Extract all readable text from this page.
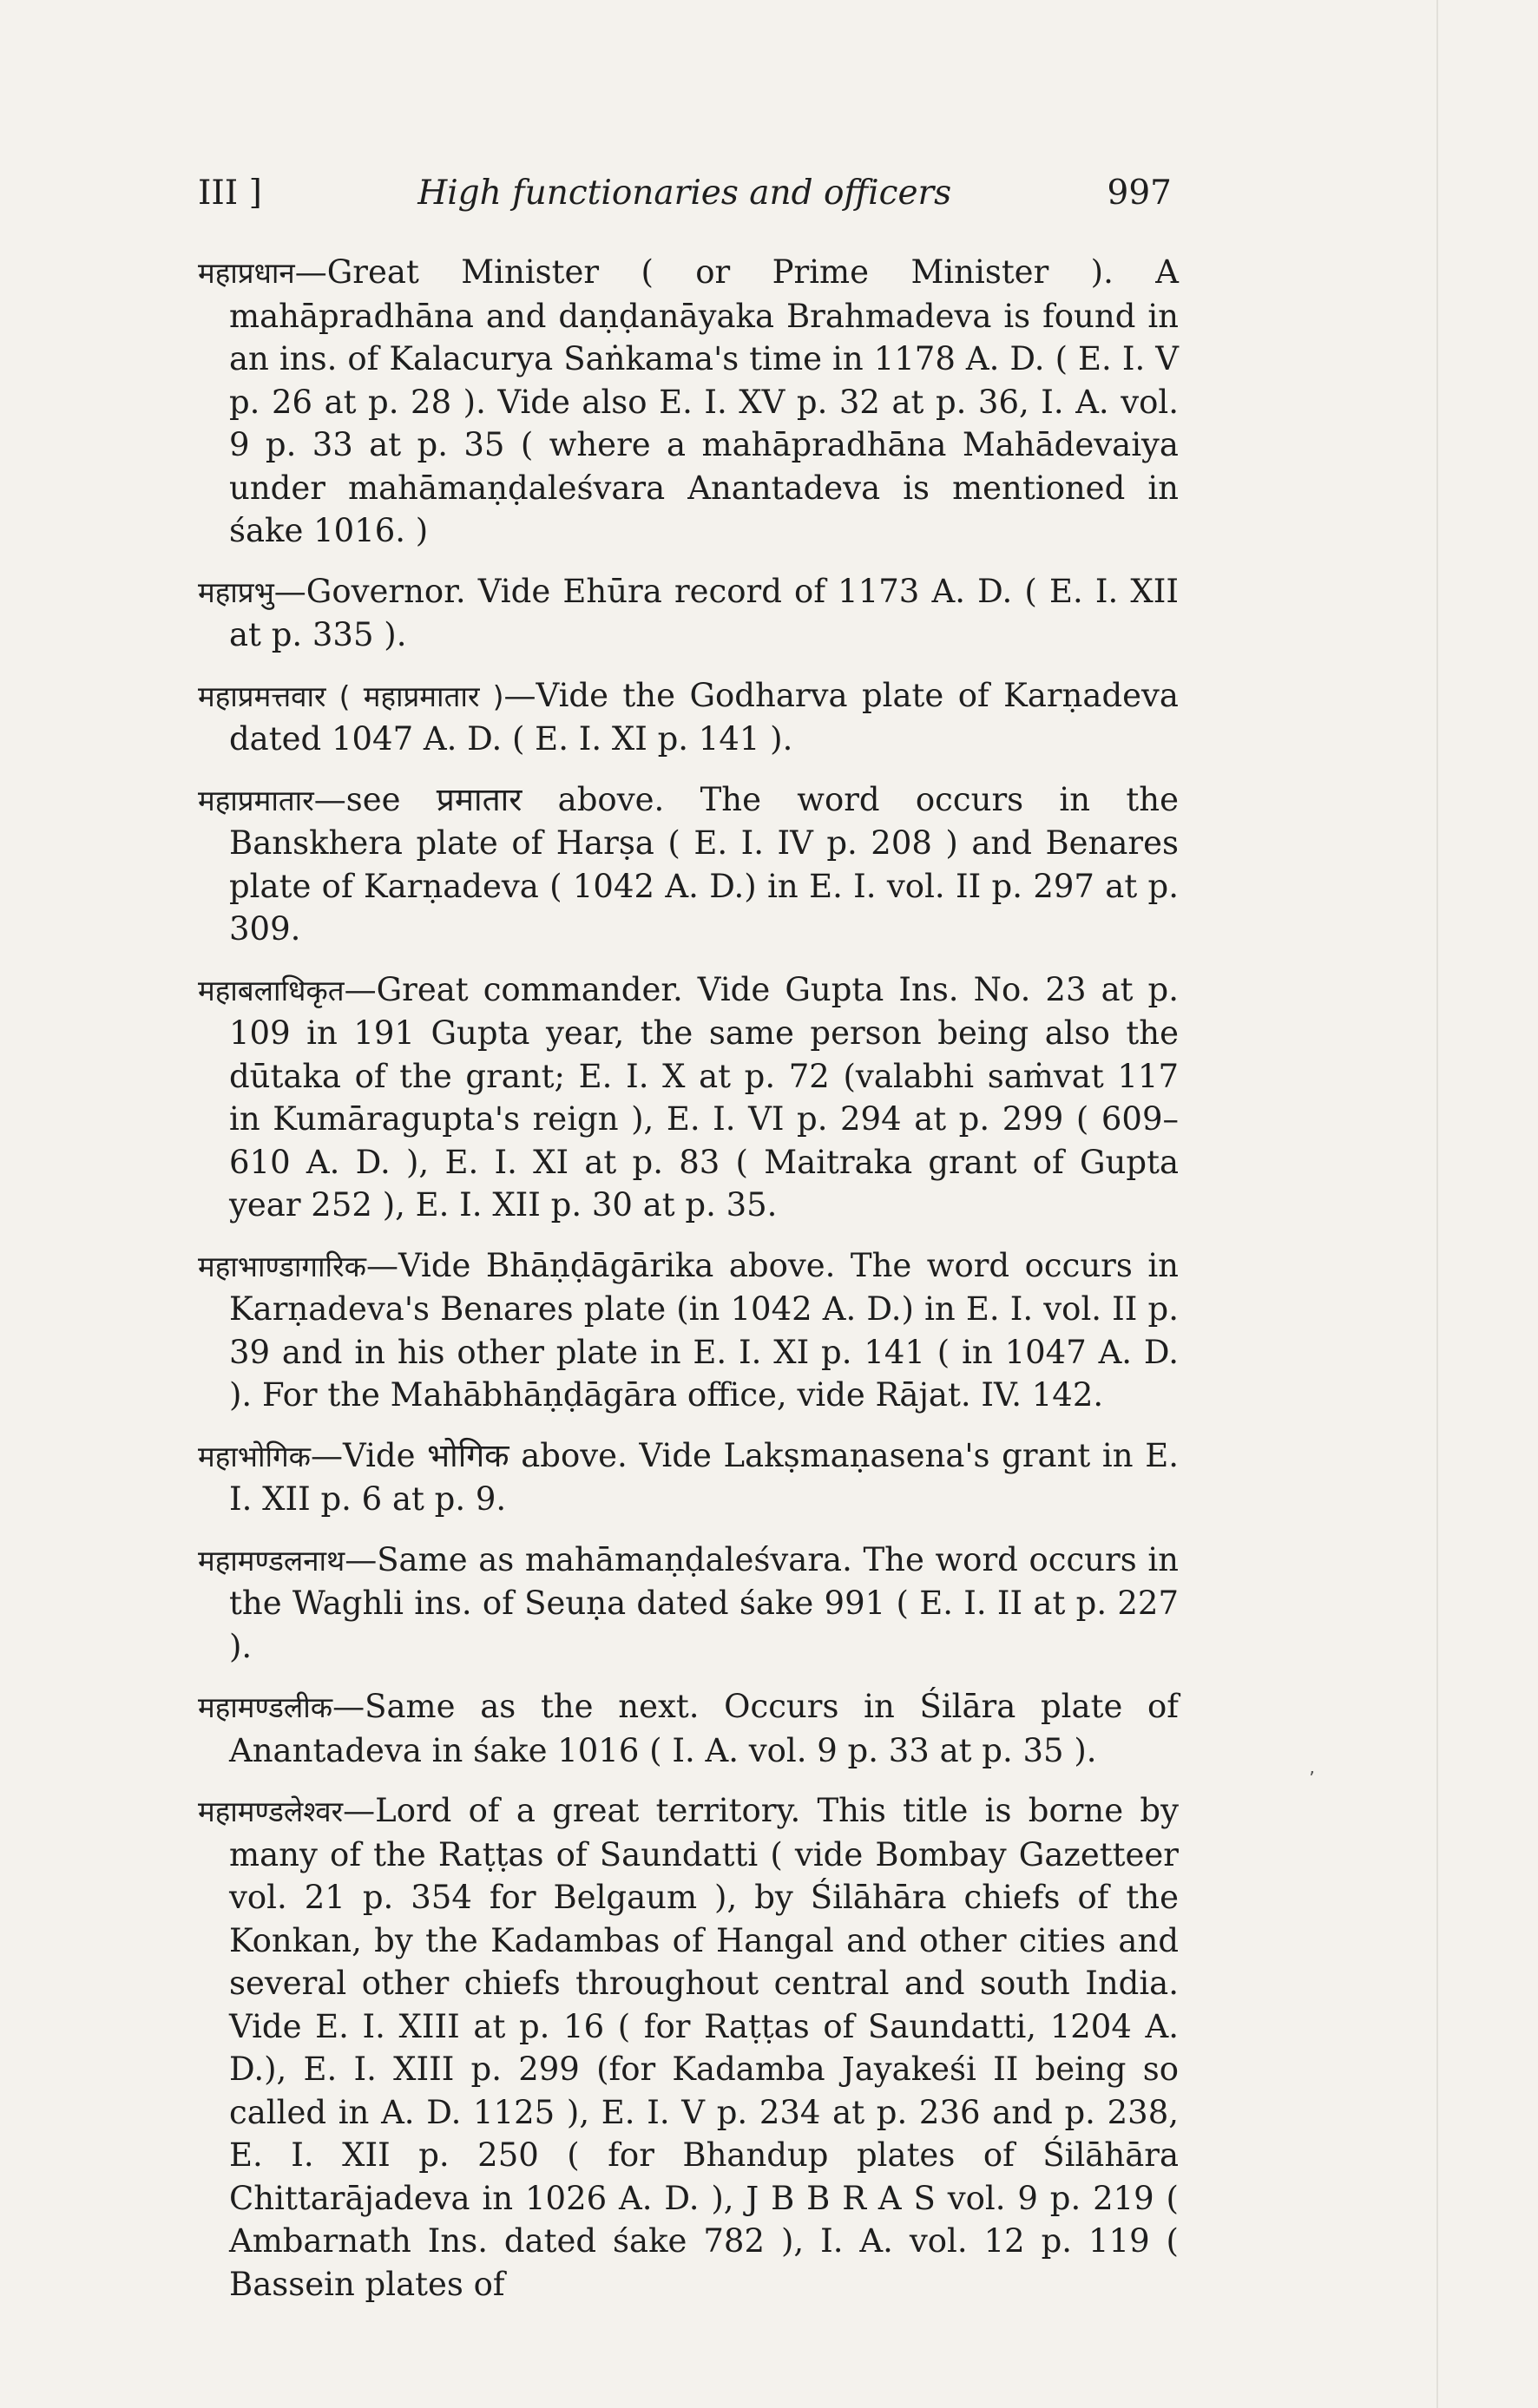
III ]	High functionaries and officers	997

महाप्रधान—Great Minister ( or Prime Minister ). A mahāpradhāna and daṇḍanāyaka Brahmadeva is found in an ins. of Kalacurya Saṅkama's time in 1178 A. D. ( E. I. V p. 26 at p. 28 ). Vide also E. I. XV p. 32 at p. 36, I. A. vol. 9 p. 33 at p. 35 ( where a mahāpradhāna Mahādevaiya under mahāmaṇḍaleśvara Anantadeva is mentioned in śake 1016. )

महाप्रभु—Governor. Vide Ehūra record of 1173 A. D. ( E. I. XII at p. 335 ).

महाप्रमत्तवार ( महाप्रमातार )—Vide the Godharva plate of Karṇadeva dated 1047 A. D. ( E. I. XI p. 141 ).

महाप्रमातार—see प्रमातार above. The word occurs in the Banskhera plate of Harṣa ( E. I. IV p. 208 ) and Benares plate of Karṇadeva ( 1042 A. D.) in E. I. vol. II p. 297 at p. 309.

महाबलाधिकृत—Great commander. Vide Gupta Ins. No. 23 at p. 109 in 191 Gupta year, the same person being also the dūtaka of the grant; E. I. X at p. 72 (valabhi saṁvat 117 in Kumāragupta's reign ), E. I. VI p. 294 at p. 299 ( 609–610 A. D. ), E. I. XI at p. 83 ( Maitraka grant of Gupta year 252 ), E. I. XII p. 30 at p. 35.

महाभाण्डागारिक—Vide Bhāṇḍāgārika above. The word occurs in Karṇadeva's Benares plate (in 1042 A. D.) in E. I. vol. II p. 39 and in his other plate in E. I. XI p. 141 ( in 1047 A. D. ). For the Mahābhāṇḍāgāra office, vide Rājat. IV. 142.

महाभोगिक—Vide भोगिक above. Vide Lakṣmaṇasena's grant in E. I. XII p. 6 at p. 9.

महामण्डलनाथ—Same as mahāmaṇḍaleśvara. The word occurs in the Waghli ins. of Seuṇa dated śake 991 ( E. I. II at p. 227 ).

महामण्डलीक—Same as the next. Occurs in Śilāra plate of Anantadeva in śake 1016 ( I. A. vol. 9 p. 33 at p. 35 ).

महामण्डलेश्वर—Lord of a great territory. This title is borne by many of the Raṭṭas of Saundatti ( vide Bombay Gazetteer vol. 21 p. 354 for Belgaum ), by Śilāhāra chiefs of the Konkan, by the Kadambas of Hangal and other cities and several other chiefs throughout central and south India. Vide E. I. XIII at p. 16 ( for Raṭṭas of Saundatti, 1204 A. D.), E. I. XIII p. 299 (for Kadamba Jayakeśi II being so called in A. D. 1125 ), E. I. V p. 234 at p. 236 and p. 238, E. I. XII p. 250 ( for Bhandup plates of Śilāhāra Chittarājadeva in 1026 A. D. ), J B B R A S vol. 9 p. 219 ( Ambarnath Ins. dated śake 782 ), I. A. vol. 12 p. 119 ( Bassein plates of

٬
